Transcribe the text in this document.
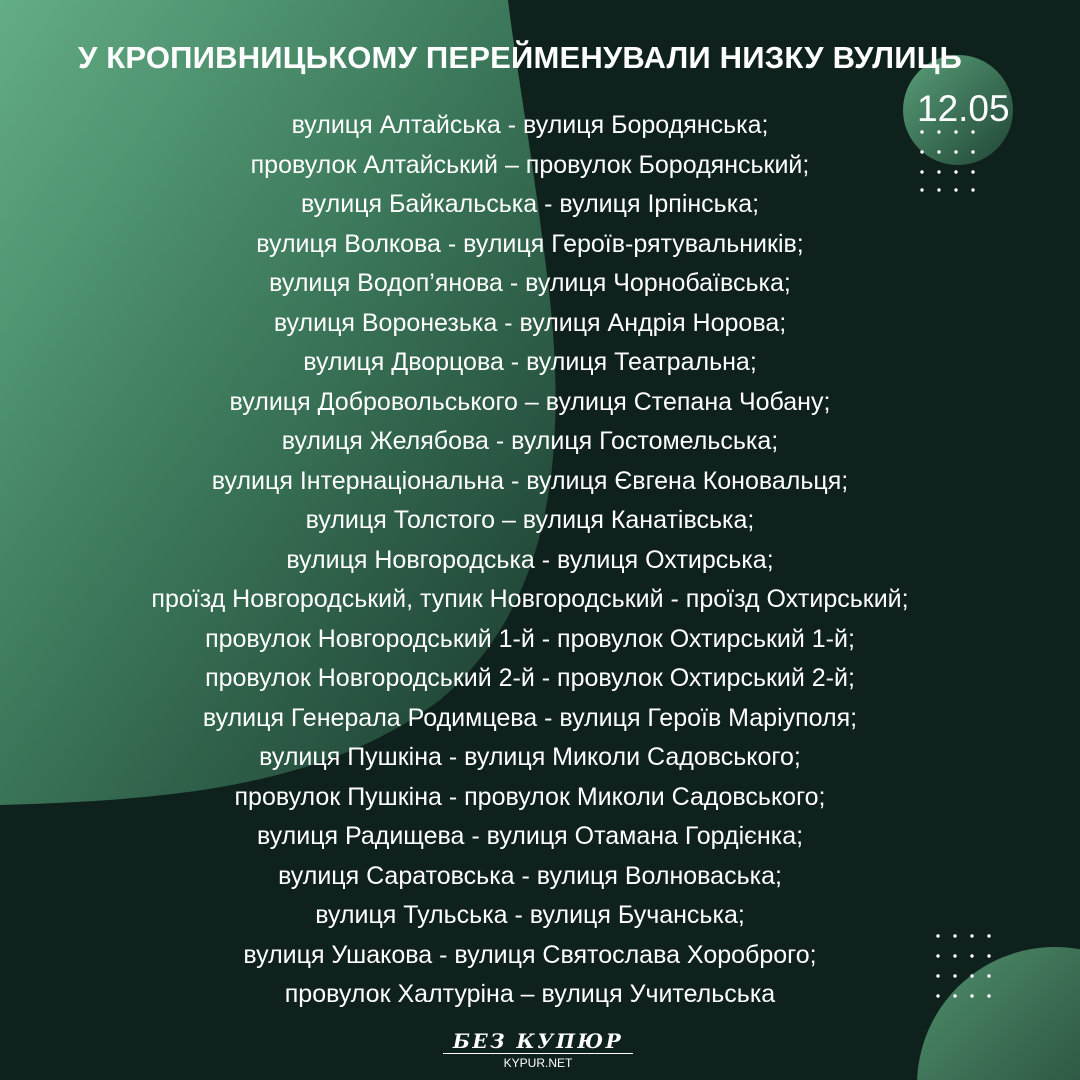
У КРОПИВНИЦЬКОМУ ПЕРЕЙМЕНУВАЛИ НИЗКУ ВУЛИЦЬ
12.05
вулиця Алтайська - вулиця Бородянська;
провулок Алтайський – провулок Бородянський;
вулиця Байкальська - вулиця Ірпінська;
вулиця Волкова - вулиця Героїв-рятувальників;
вулиця Водоп’янова - вулиця Чорнобаївська;
вулиця Воронезька - вулиця Андрія Норова;
вулиця Дворцова - вулиця Театральна;
вулиця Добровольського – вулиця Степана Чобану;
вулиця Желябова - вулиця Гостомельська;
вулиця Інтернаціональна - вулиця Євгена Коновальця;
вулиця Толстого – вулиця Канатівська;
вулиця Новгородська - вулиця Охтирська;
проїзд Новгородський, тупик Новгородський - проїзд Охтирський;
провулок Новгородський 1-й - провулок Охтирський 1-й;
провулок Новгородський 2-й - провулок Охтирський 2-й;
вулиця Генерала Родимцева - вулиця Героїв Маріуполя;
вулиця Пушкіна - вулиця Миколи Садовського;
провулок Пушкіна - провулок Миколи Садовського;
вулиця Радищева - вулиця Отамана Гордієнка;
вулиця Саратовська - вулиця Волноваська;
вулиця Тульська - вулиця Бучанська;
вулиця Ушакова - вулиця Святослава Хороброго;
провулок Халтуріна – вулиця Учительська
БЕЗ КУПЮР
KYPUR.NET
